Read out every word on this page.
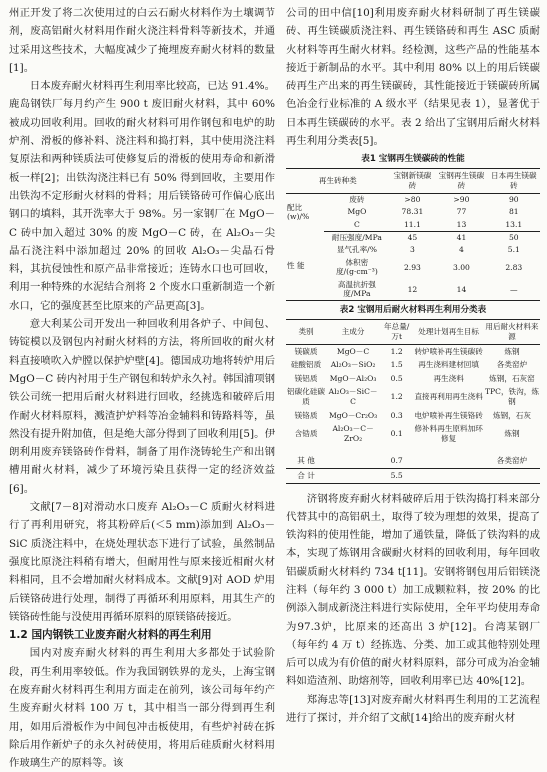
州正开发了将二次使用过的白云石耐火材料作为土壤调节剂，废高铝耐火材料用作耐火浇注料骨料等新技术，并通过采用这些技术，大幅度减少了掩埋废弃耐火材料的数量[1]。

日本废弃耐火材料再生利用率比较高，已达 91.4%。鹿岛钢铁厂每月约产生 900 t 废旧耐火材料，其中 60% 被成功回收利用。回收的耐火材料可用作钢包和电炉的助炉剂、滑板的修补料、浇注料和捣打料，其中使用浇注料复原法和两种镁质法可使修复后的滑板的使用寿命和新滑板一样[2]；出铁沟浇注料已有 50% 得到回收，主要用作出铁沟不定形耐火材料的骨料；用后镁铬砖可作偏心底出钢口的填料，其开洗率大于 98%。另一家钢厂在 MgO－C 砖中加入超过 30% 的废 MgO－C 砖，在 Al₂O₃－尖晶石浇注料中添加超过 20% 的回收 Al₂O₃－尖晶石骨料，其抗侵蚀性和原产品非常接近；连铸水口也可回收，利用一种特殊的水泥结合剂将 2 个废水口重新制造一个新水口，它的强度甚至比原来的产品更高[3]。

意大利某公司开发出一种回收利用各炉子、中间包、铸锭模以及钢包内衬耐火材料的方法，将所回收的耐火材料直接喷吹入炉膛以保护炉壁[4]。德国成功地将转炉用后 MgO－C 砖内衬用于生产钢包和转炉永久衬。韩国浦项钢铁公司统一把用后耐火材料进行回收，经挑选和破碎后用作耐火材料原料，溅渣护炉料等冶金辅料和铸路料等，虽然没有提升附加值，但是绝大部分得到了回收利用[5]。伊朗利用废弃镁铬砖作骨料，制备了用作浇铸轮生产和出钢槽用耐火材料，减少了环境污染且获得一定的经济效益[6]。

文献[7－8]对滑动水口废弃 Al₂O₃－C 质耐火材料进行了再利用研究，将其粉碎后(＜5 mm)添加到 Al₂O₃－SiC 质浇注料中，在烧处理状态下进行了试验，虽然制品强度比原浇注料稍有增大，但耐用性与原来接近相耐火材料相同，且不会增加耐火材料成本。文献[9]对 AOD 炉用后镁铬砖进行处理，制得了再循环利用原料，用其生产的镁铬砖性能与没使用再循环原料的原镁铬砖接近。

1.2 国内钢铁工业废弃耐火材料的再生利用

国内对废弃耐火材料的再生利用大多都处于试验阶段，再生利用率较低。作为我国钢铁界的龙头，上海宝钢在废弃耐火材料再生利用方面走在前列，该公司每年约产生废弃耐火材料 100 万 t，其中相当一部分得到再生利用，如用后滑板作为中间包冲击板使用，有些炉衬砖在拆除后用作新炉子的永久衬砖使用，将用后硅质耐火材料用作玻璃生产的原料等。该

公司的田中信[10]利用废弃耐火材料研制了再生镁碳砖、再生镁碳质浇注料、再生镁铬砖和再生 ASC 质耐火材料等再生耐火材料。经检测，这些产品的性能基本接近于新制品的水平。其中利用 80% 以上的用后镁碳砖再生产出来的再生镁碳砖，其性能接近于镁碳砖所属色冶金行业标准的 A 级水平（结果见表 1），显著优于日本再生镁碳砖的水平。表 2 给出了宝钢用后耐火材料再生利用分类表[5]。

表1 宝钢再生镁碳砖的性能
再生砖种类		宝钢新镁碳砖	宝钢再生镁碳砖	日本再生镁碳砖
配比(w)/%	废砖	>80	>90	90
	MgO	78.31	77	81
	C	11.1	13	13.1
性 能	耐压强度/MPa	45	41	50
	显气孔率/%	3	4	5.1
	体积密度/(g·cm⁻³)	2.93	3.00	2.83
	高温抗折强度/MPa	12	14	—
表2 宝钢用后耐火材料再生利用分类表
类别	主成分	年总量/万t	处理计划再生目标	用后耐火材料来源
镁碳质	MgO－C	1.2	转炉喷补再生镁碳砖	炼钢
硅酸铝质	Al₂O₃－SiO₂	1.5	再生浇料建材回填	各类窑炉
镁铝质	MgO－Al₂O₃	0.5	再生浇料	炼钢，石灰窑
铝碳化硅碳质	Al₂O₃－SiC－C	1.2	直接再利用再生浇料	TPC，铁沟，炼钢
镁铬质	MgO－Cr₂O₃	0.3	电炉喷补再生镁铬砖	炼钢，石灰
含锆质	Al₂O₃－C－ZrO₂	0.1	修补料再生原料加环修复	炼钢

其 他		0.7		各类窑炉
合 计		5.5		

济钢将废弃耐火材料破碎后用于铁沟捣打料来部分代替其中的高铝矾土，取得了较为理想的效果，提高了铁沟料的使用性能，增加了通铁量，降低了铁沟料的成本，实现了炼钢用含碳耐火材料的回收利用，每年回收铝碳质耐火材料约 734 t[11]。安钢将钢包用后铝镁浇注料（每年约 3 000 t）加工成颗粒料，按 20% 的比例添入制成新浇注料进行实际使用，全年平均使用寿命为97.3炉，比原来的还高出 3 炉[12]。台湾某钢厂（每年约 4 万 t）经拣选、分类、加工或其他特别处理后可以成为有价值的耐火材料原料，部分可成为冶金辅料如造渣剂、助熔剂等，回收利用率已达 40%[12]。

郑海忠等[13]对废弃耐火材料再生利用的工艺流程进行了探讨，并介绍了文献[14]给出的废弃耐火材
